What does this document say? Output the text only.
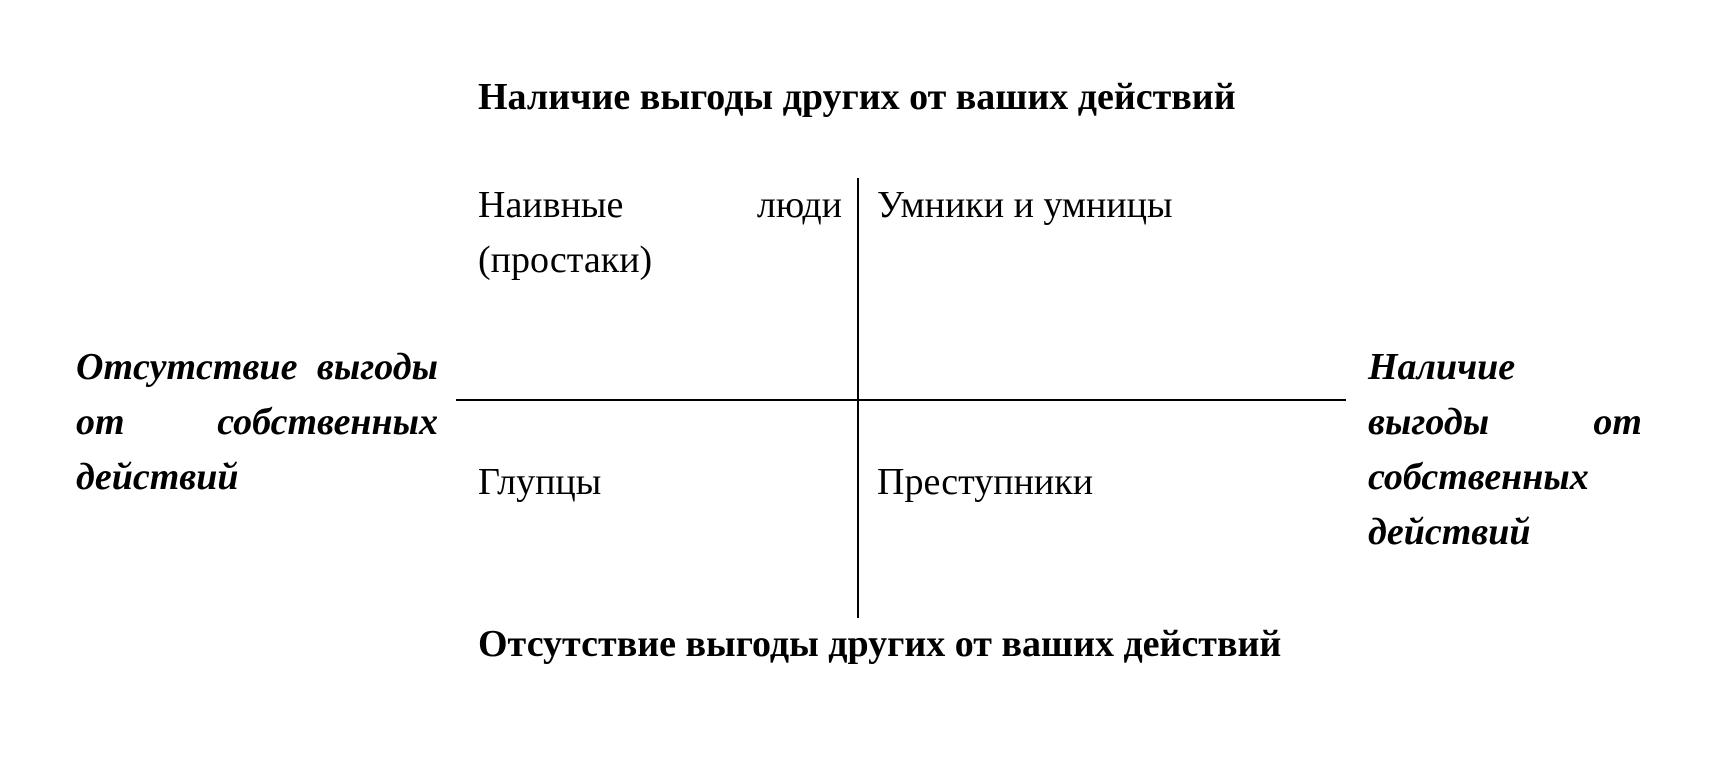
Наличие выгоды других от ваших действий
Наивные люди (простаки)
Умники и умницы
Глупцы	Преступники
Отсутствие выгоды от собственных действий
Наличие выгоды от собственных действий
Отсутствие выгоды других от ваших действий
